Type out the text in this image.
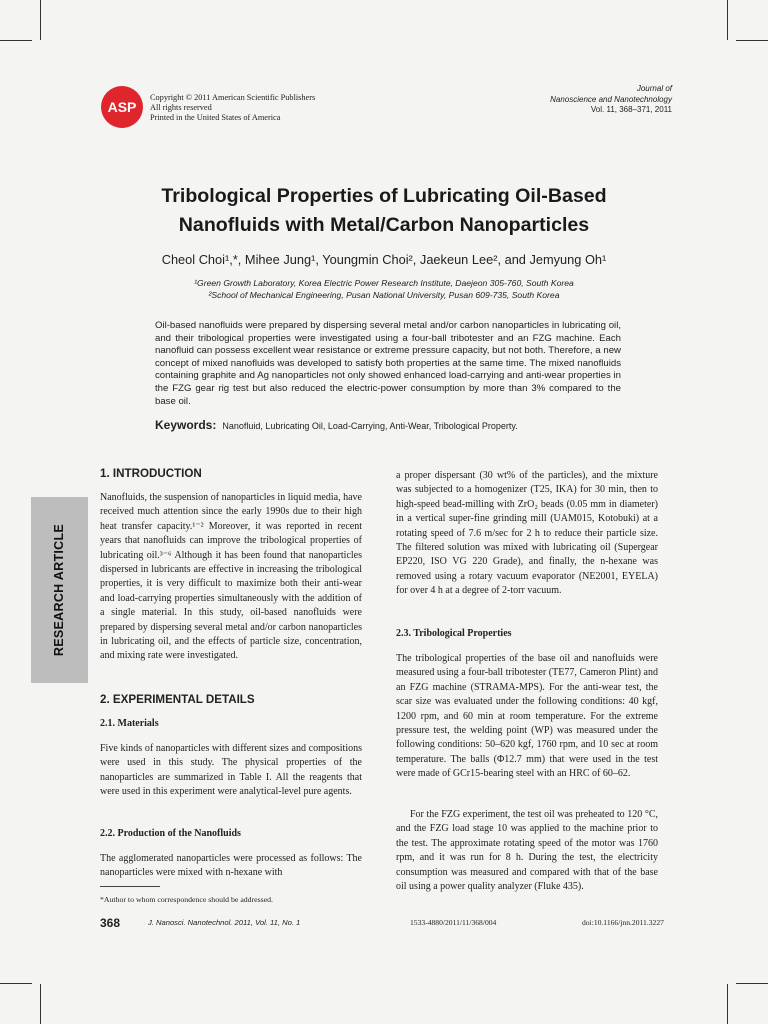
ASP
Copyright © 2011 American Scientific Publishers
All rights reserved
Printed in the United States of America
Journal of
Nanoscience and Nanotechnology
Vol. 11, 368–371, 2011
Tribological Properties of Lubricating Oil-Based
Nanofluids with Metal/Carbon Nanoparticles
Cheol Choi¹,*, Mihee Jung¹, Youngmin Choi², Jaekeun Lee², and Jemyung Oh¹
¹Green Growth Laboratory, Korea Electric Power Research Institute, Daejeon 305-760, South Korea
²School of Mechanical Engineering, Pusan National University, Pusan 609-735, South Korea
Oil-based nanofluids were prepared by dispersing several metal and/or carbon nanoparticles in lubricating oil, and their tribological properties were investigated using a four-ball tribotester and an FZG machine. Each nanofluid can possess excellent wear resistance or extreme pressure capacity, but not both. Therefore, a new concept of mixed nanofluids was developed to satisfy both properties at the same time. The mixed nanofluids containing graphite and Ag nanoparticles not only showed enhanced load-carrying and anti-wear properties in the FZG gear rig test but also reduced the electric-power consumption by more than 3% compared to the base oil.
Keywords: Nanofluid, Lubricating Oil, Load-Carrying, Anti-Wear, Tribological Property.
RESEARCH ARTICLE
1. INTRODUCTION

Nanofluids, the suspension of nanoparticles in liquid media, have received much attention since the early 1990s due to their high heat transfer capacity.¹⁻² Moreover, it was reported in recent years that nanofluids can improve the tribological properties of lubricating oil.³⁻⁶ Although it has been found that nanoparticles dispersed in lubricants are effective in increasing the tribological properties, it is very difficult to maximize both their anti-wear and load-carrying properties simultaneously with the addition of a single material. In this study, oil-based nanofluids were prepared by dispersing several metal and/or carbon nanoparticles in lubricating oil, and the effects of particle size, concentration, and mixing rate were investigated.

2. EXPERIMENTAL DETAILS
2.1. Materials

Five kinds of nanoparticles with different sizes and compositions were used in this study. The physical properties of the nanoparticles are summarized in Table I. All the reagents that were used in this experiment were analytical-level pure agents.

2.2. Production of the Nanofluids

The agglomerated nanoparticles were processed as follows: The nanoparticles were mixed with n-hexane with

*Author to whom correspondence should be addressed.

a proper dispersant (30 wt% of the particles), and the mixture was subjected to a homogenizer (T25, IKA) for 30 min, then to high-speed bead-milling with ZrO₂ beads (0.05 mm in diameter) in a vertical super-fine grinding mill (UAM015, Kotobuki) at a rotating speed of 7.6 m/sec for 2 h to reduce their particle size. The filtered solution was mixed with lubricating oil (Supergear EP220, ISO VG 220 Grade), and finally, the n-hexane was removed using a rotary vacuum evaporator (NE2001, EYELA) for over 4 h at a degree of 2-torr vacuum.

2.3. Tribological Properties

The tribological properties of the base oil and nanofluids were measured using a four-ball tribotester (TE77, Cameron Plint) and an FZG machine (STRAMA-MPS). For the anti-wear test, the scar size was evaluated under the following conditions: 40 kgf, 1200 rpm, and 60 min at room temperature. For the extreme pressure test, the welding point (WP) was measured under the following conditions: 50–620 kgf, 1760 rpm, and 10 sec at room temperature. The balls (Φ12.7 mm) that were used in the test were made of GCr15-bearing steel with an HRC of 60–62.

For the FZG experiment, the test oil was preheated to 120 °C, and the FZG load stage 10 was applied to the machine prior to the test. The approximate rotating speed of the motor was 1760 rpm, and it was run for 8 h. During the test, the electricity consumption was measured and compared with that of the base oil using a power quality analyzer (Fluke 435).

368	J. Nanosci. Nanotechnol. 2011, Vol. 11, No. 1	1533-4880/2011/11/368/004	doi:10.1166/jnn.2011.3227
